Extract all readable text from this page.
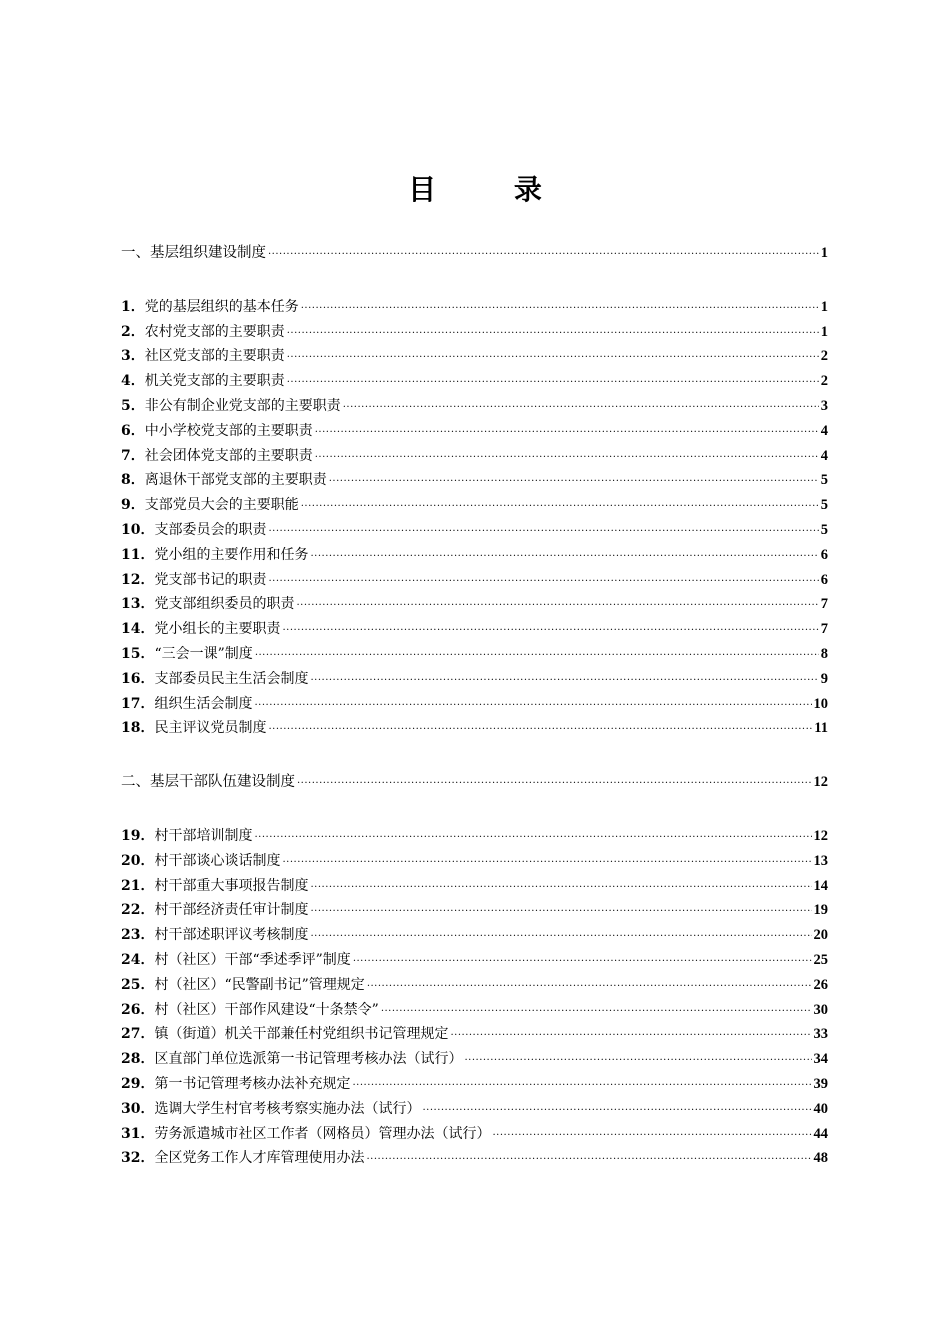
目 录
一、基层组织建设制度 .....	1
1． 党的基层组织的基本任务 .....	1
2． 农村党支部的主要职责 .....	1
3． 社区党支部的主要职责 .....	2
4． 机关党支部的主要职责 .....	2
5． 非公有制企业党支部的主要职责 .....	3
6． 中小学校党支部的主要职责 .....	4
7． 社会团体党支部的主要职责 .....	4
8． 离退休干部党支部的主要职责 .....	5
9． 支部党员大会的主要职能 .....	5
10． 支部委员会的职责 .....	5
11． 党小组的主要作用和任务 .....	6
12． 党支部书记的职责 .....	6
13． 党支部组织委员的职责 .....	7
14． 党小组长的主要职责 .....	7
15． “三会一课”制度 .....	8
16． 支部委员民主生活会制度 .....	9
17． 组织生活会制度 .....	10
18． 民主评议党员制度 .....	11
二、基层干部队伍建设制度 .....	12
19． 村干部培训制度 .....	12
20． 村干部谈心谈话制度 .....	13
21． 村干部重大事项报告制度 .....	14
22． 村干部经济责任审计制度 .....	19
23． 村干部述职评议考核制度 .....	20
24． 村（社区）干部“季述季评”制度 .....	25
25． 村（社区）“民警副书记”管理规定 .....	26
26． 村（社区）干部作风建设“十条禁令” .....	30
27． 镇（街道）机关干部兼任村党组织书记管理规定 .....	33
28． 区直部门单位选派第一书记管理考核办法（试行） .....	34
29． 第一书记管理考核办法补充规定 .....	39
30． 选调大学生村官考核考察实施办法（试行） .....	40
31． 劳务派遣城市社区工作者（网格员）管理办法（试行） .....	44
32． 全区党务工作人才库管理使用办法 .....	48
